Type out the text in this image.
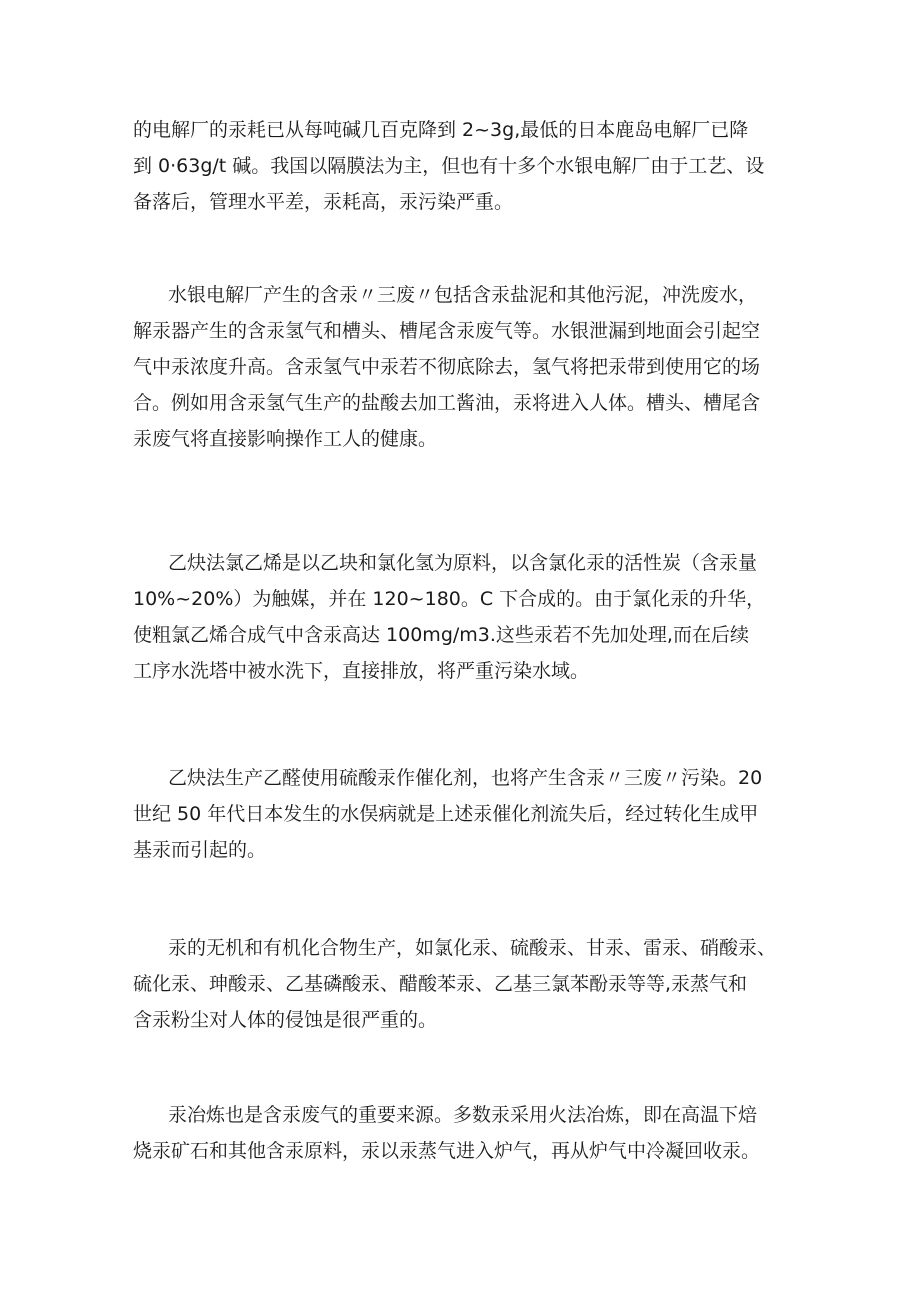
的电解厂的汞耗已从每吨碱几百克降到 2~3g,最低的日本鹿岛电解厂已降
到 0·63g/t 碱。我国以隔膜法为主，但也有十多个水银电解厂由于工艺、设
备落后，管理水平差，汞耗高，汞污染严重。
水银电解厂产生的含汞〃三废〃包括含汞盐泥和其他污泥，冲洗废水，
解汞器产生的含汞氢气和槽头、槽尾含汞废气等。水银泄漏到地面会引起空
气中汞浓度升高。含汞氢气中汞若不彻底除去，氢气将把汞带到使用它的场
合。例如用含汞氢气生产的盐酸去加工酱油，汞将进入人体。槽头、槽尾含
汞废气将直接影响操作工人的健康。
乙炔法氯乙烯是以乙块和氯化氢为原料，以含氯化汞的活性炭（含汞量
10%~20%）为触媒，并在 120~180。C 下合成的。由于氯化汞的升华，
使粗氯乙烯合成气中含汞高达 100mg/m3.这些汞若不先加处理,而在后续
工序水洗塔中被水洗下，直接排放，将严重污染水域。
乙炔法生产乙醛使用硫酸汞作催化剂，也将产生含汞〃三废〃污染。20
世纪 50 年代日本发生的水俣病就是上述汞催化剂流失后，经过转化生成甲
基汞而引起的。
汞的无机和有机化合物生产，如氯化汞、硫酸汞、甘汞、雷汞、硝酸汞、
硫化汞、珅酸汞、乙基磷酸汞、醋酸苯汞、乙基三氯苯酚汞等等,汞蒸气和
含汞粉尘对人体的侵蚀是很严重的。
汞冶炼也是含汞废气的重要来源。多数汞采用火法冶炼，即在高温下焙
烧汞矿石和其他含汞原料，汞以汞蒸气进入炉气，再从炉气中冷凝回收汞。
